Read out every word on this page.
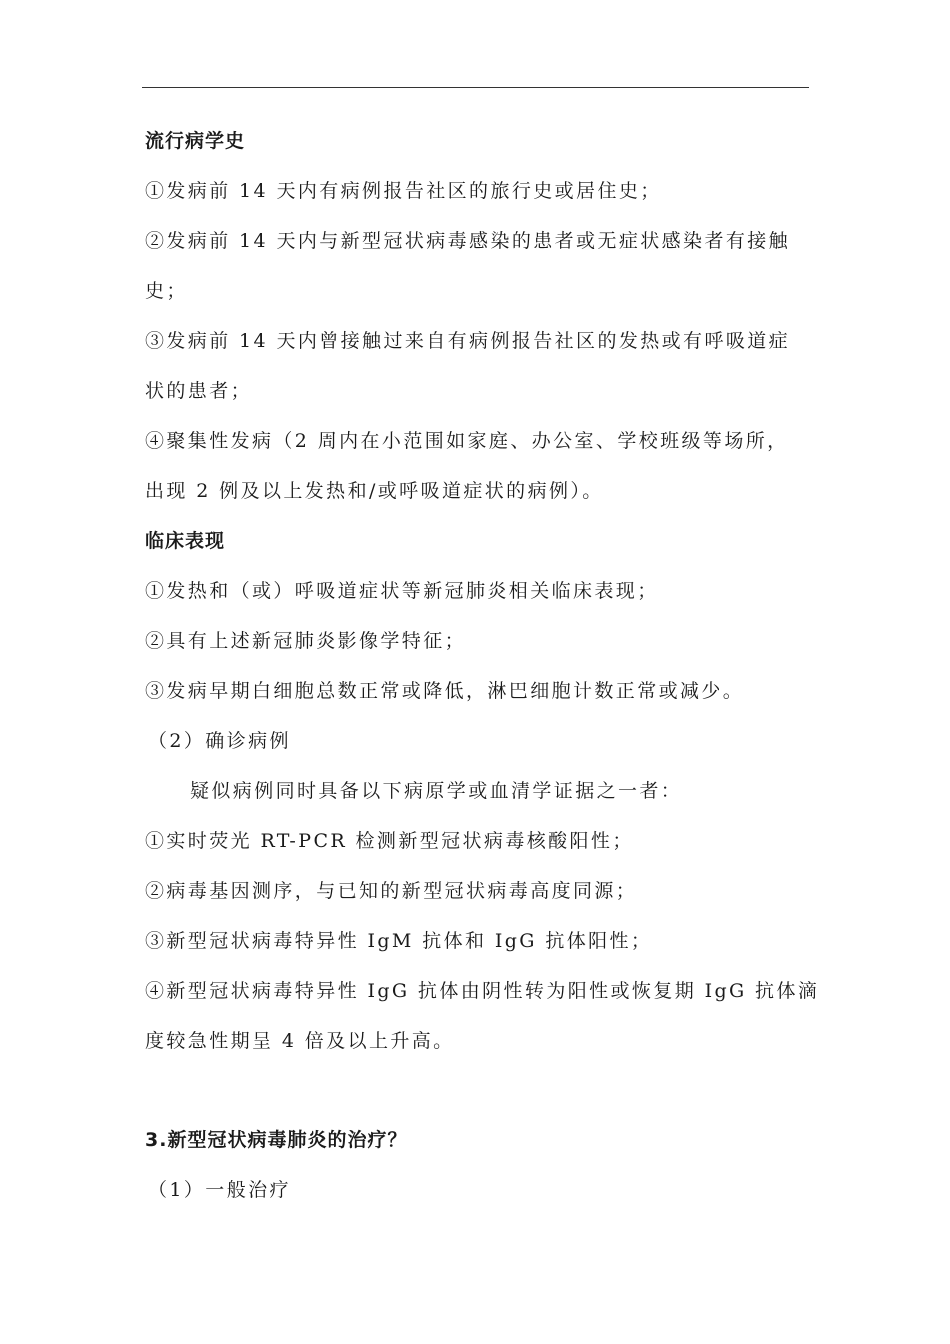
流行病学史
①发病前 14 天内有病例报告社区的旅行史或居住史；
②发病前 14 天内与新型冠状病毒感染的患者或无症状感染者有接触
史；
③发病前 14 天内曾接触过来自有病例报告社区的发热或有呼吸道症
状的患者；
④聚集性发病（2 周内在小范围如家庭、办公室、学校班级等场所，
出现 2 例及以上发热和/或呼吸道症状的病例）。
临床表现
①发热和（或）呼吸道症状等新冠肺炎相关临床表现；
②具有上述新冠肺炎影像学特征；
③发病早期白细胞总数正常或降低，淋巴细胞计数正常或减少。
（2）确诊病例
疑似病例同时具备以下病原学或血清学证据之一者：
①实时荧光 RT-PCR 检测新型冠状病毒核酸阳性；
②病毒基因测序，与已知的新型冠状病毒高度同源；
③新型冠状病毒特异性 IgM 抗体和 IgG 抗体阳性；
④新型冠状病毒特异性 IgG 抗体由阴性转为阳性或恢复期 IgG 抗体滴
度较急性期呈 4 倍及以上升高。
3.新型冠状病毒肺炎的治疗？
（1）一般治疗
